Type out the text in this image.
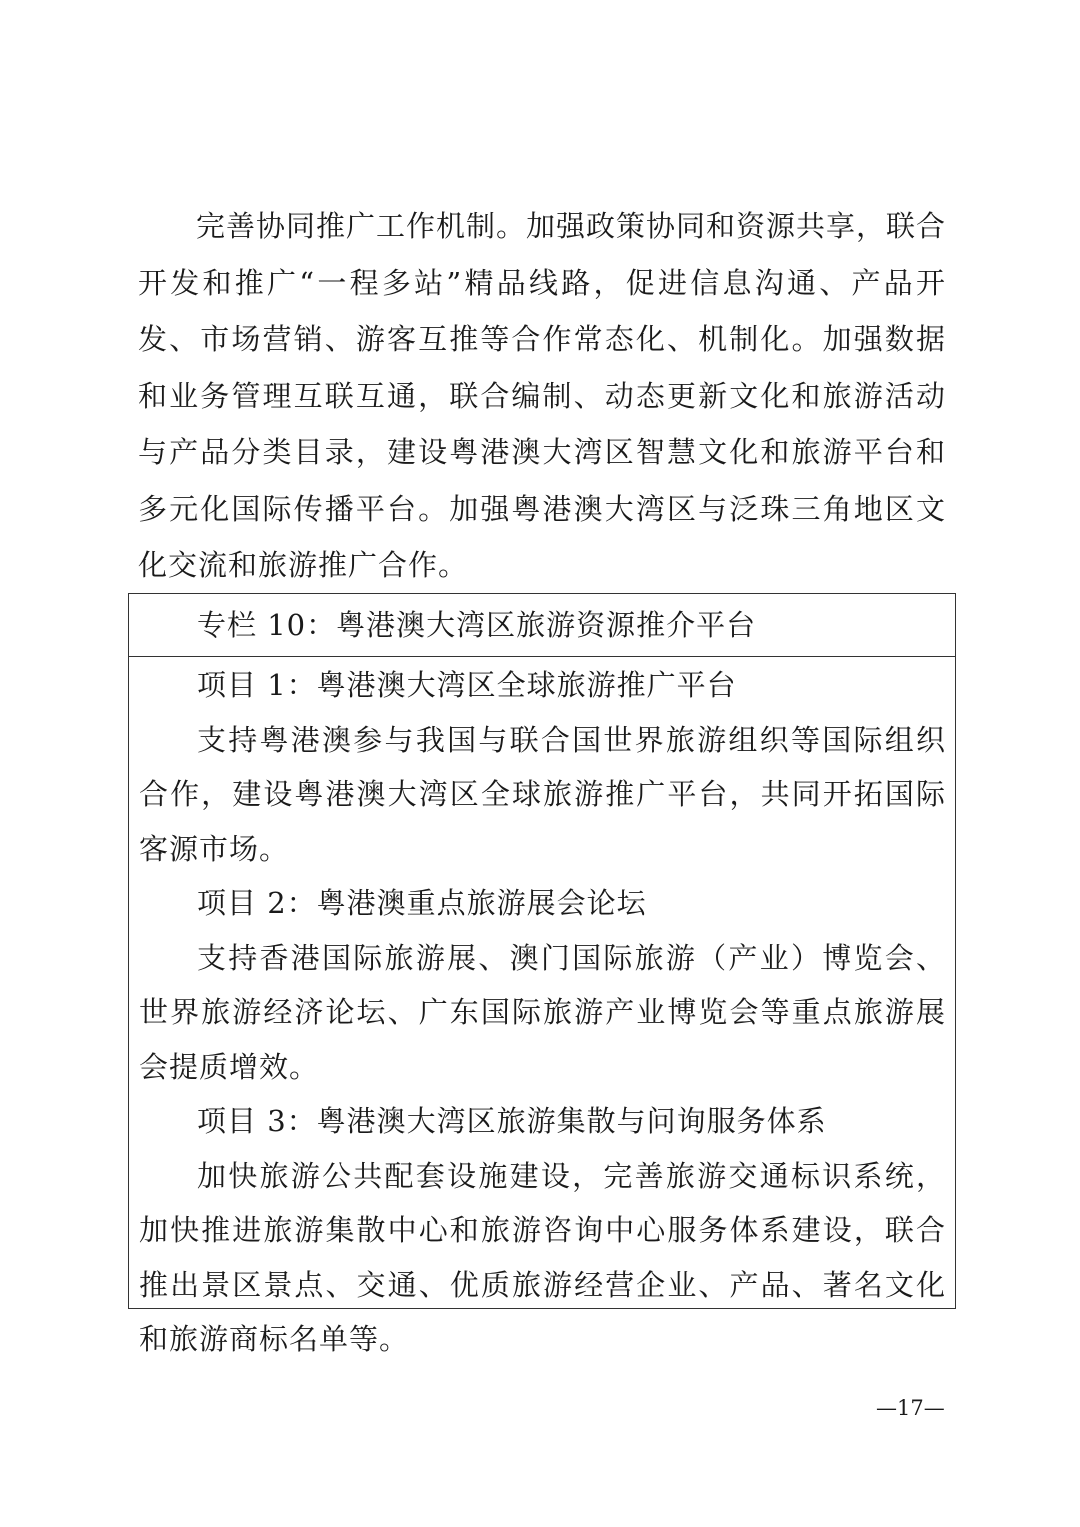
完善协同推广工作机制。加强政策协同和资源共享，联合开发和推广“一程多站”精品线路，促进信息沟通、产品开发、市场营销、游客互推等合作常态化、机制化。加强数据和业务管理互联互通，联合编制、动态更新文化和旅游活动与产品分类目录，建设粤港澳大湾区智慧文化和旅游平台和多元化国际传播平台。加强粤港澳大湾区与泛珠三角地区文化交流和旅游推广合作。

专栏 10：粤港澳大湾区旅游资源推介平台

项目 1：粤港澳大湾区全球旅游推广平台

支持粤港澳参与我国与联合国世界旅游组织等国际组织合作，建设粤港澳大湾区全球旅游推广平台，共同开拓国际客源市场。

项目 2：粤港澳重点旅游展会论坛

支持香港国际旅游展、澳门国际旅游（产业）博览会、世界旅游经济论坛、广东国际旅游产业博览会等重点旅游展会提质增效。

项目 3：粤港澳大湾区旅游集散与问询服务体系

加快旅游公共配套设施建设，完善旅游交通标识系统，加快推进旅游集散中心和旅游咨询中心服务体系建设，联合推出景区景点、交通、优质旅游经营企业、产品、著名文化和旅游商标名单等。

—17—
